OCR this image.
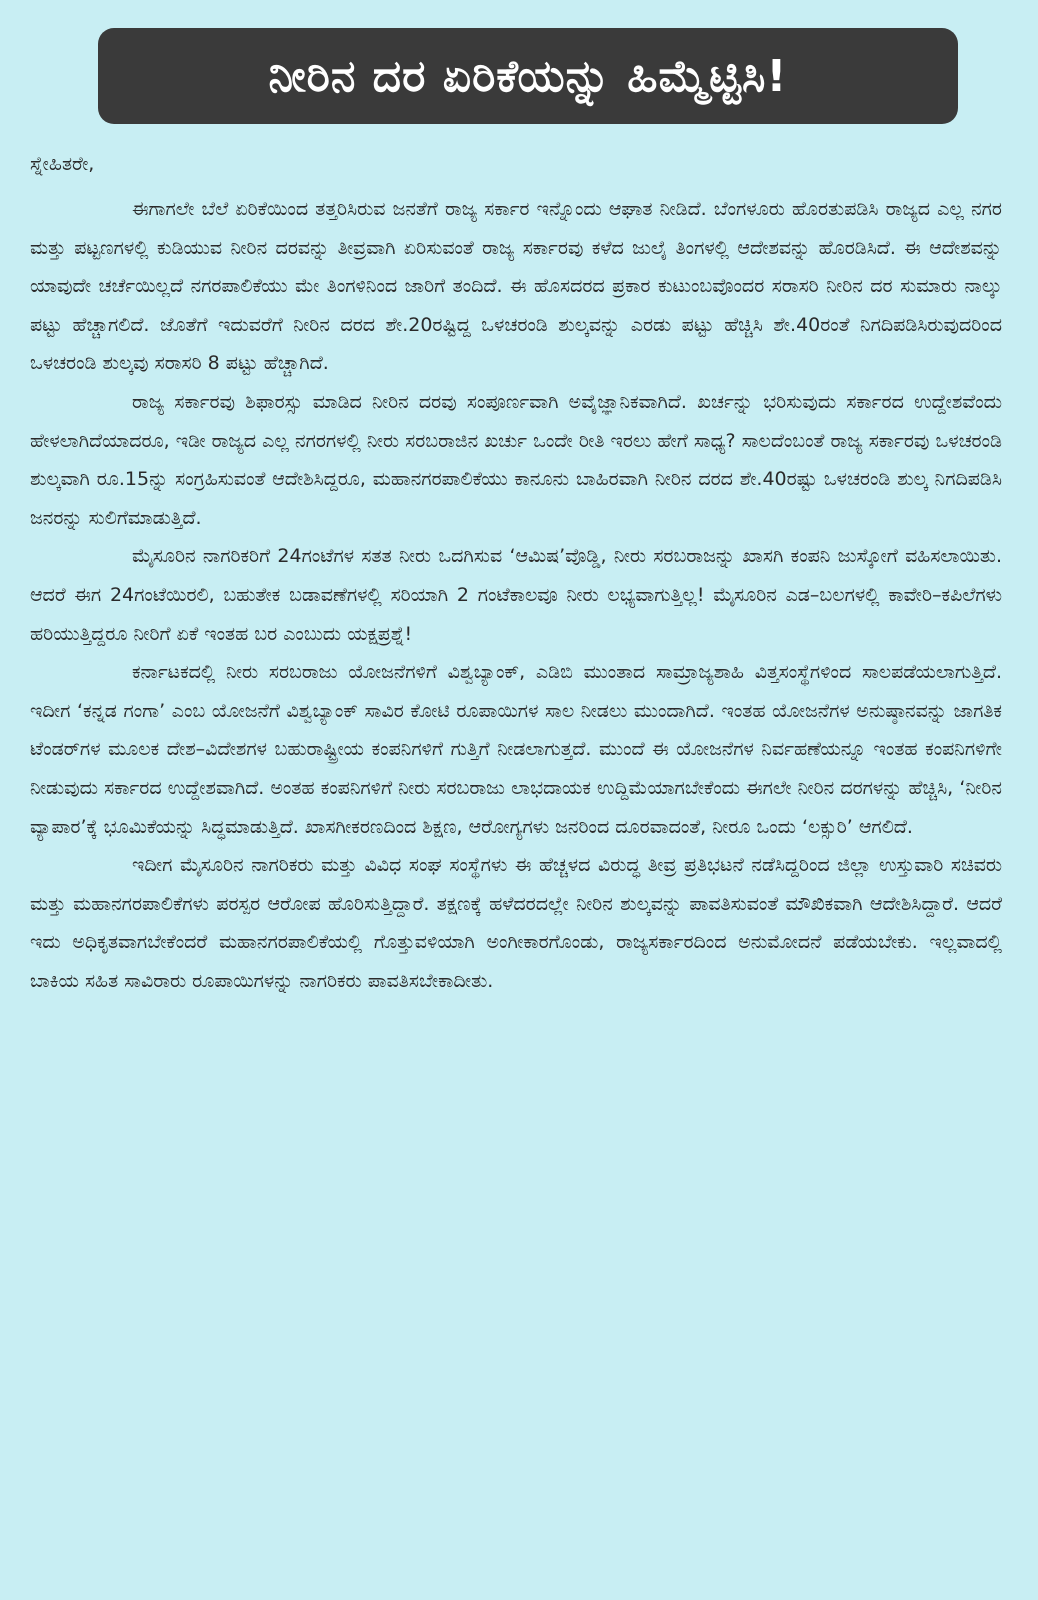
ನೀರಿನ ದರ ಏರಿಕೆಯನ್ನು ಹಿಮ್ಮೆಟ್ಟಿಸಿ!
ಸ್ನೇಹಿತರೇ,

ಈಗಾಗಲೇ ಬೆಲೆ ಏರಿಕೆಯಿಂದ ತತ್ತರಿಸಿರುವ ಜನತೆಗೆ ರಾಜ್ಯ ಸರ್ಕಾರ ಇನ್ನೊಂದು ಆಘಾತ ನೀಡಿದೆ. ಬೆಂಗಳೂರು ಹೊರತುಪಡಿಸಿ ರಾಜ್ಯದ ಎಲ್ಲ ನಗರ ಮತ್ತು ಪಟ್ಟಣಗಳಲ್ಲಿ ಕುಡಿಯುವ ನೀರಿನ ದರವನ್ನು ತೀವ್ರವಾಗಿ ಏರಿಸುವಂತೆ ರಾಜ್ಯ ಸರ್ಕಾರವು ಕಳೆದ ಜುಲೈ ತಿಂಗಳಲ್ಲಿ ಆದೇಶವನ್ನು ಹೊರಡಿಸಿದೆ. ಈ ಆದೇಶವನ್ನು ಯಾವುದೇ ಚರ್ಚೆಯಿಲ್ಲದೆ ನಗರಪಾಲಿಕೆಯು ಮೇ ತಿಂಗಳಿನಿಂದ ಜಾರಿಗೆ ತಂದಿದೆ. ಈ ಹೊಸದರದ ಪ್ರಕಾರ ಕುಟುಂಬವೊಂದರ ಸರಾಸರಿ ನೀರಿನ ದರ ಸುಮಾರು ನಾಲ್ಕು ಪಟ್ಟು ಹೆಚ್ಚಾಗಲಿದೆ. ಜೊತೆಗೆ ಇದುವರೆಗೆ ನೀರಿನ ದರದ ಶೇ.20ರಷ್ಟಿದ್ದ ಒಳಚರಂಡಿ ಶುಲ್ಕವನ್ನು ಎರಡು ಪಟ್ಟು ಹೆಚ್ಚಿಸಿ ಶೇ.40ರಂತೆ ನಿಗದಿಪಡಿಸಿರುವುದರಿಂದ ಒಳಚರಂಡಿ ಶುಲ್ಕವು ಸರಾಸರಿ 8 ಪಟ್ಟು ಹೆಚ್ಚಾಗಿದೆ.

ರಾಜ್ಯ ಸರ್ಕಾರವು ಶಿಫಾರಸ್ಸು ಮಾಡಿದ ನೀರಿನ ದರವು ಸಂಪೂರ್ಣವಾಗಿ ಅವೈಜ್ಞಾನಿಕವಾಗಿದೆ. ಖರ್ಚನ್ನು ಭರಿಸುವುದು ಸರ್ಕಾರದ ಉದ್ದೇಶವೆಂದು ಹೇಳಲಾಗಿದೆಯಾದರೂ, ಇಡೀ ರಾಜ್ಯದ ಎಲ್ಲ ನಗರಗಳಲ್ಲಿ ನೀರು ಸರಬರಾಜಿನ ಖರ್ಚು ಒಂದೇ ರೀತಿ ಇರಲು ಹೇಗೆ ಸಾಧ್ಯ? ಸಾಲದೆಂಬಂತೆ ರಾಜ್ಯ ಸರ್ಕಾರವು ಒಳಚರಂಡಿ ಶುಲ್ಕವಾಗಿ ರೂ.15ನ್ನು ಸಂಗ್ರಹಿಸುವಂತೆ ಆದೇಶಿಸಿದ್ದರೂ, ಮಹಾನಗರಪಾಲಿಕೆಯು ಕಾನೂನು ಬಾಹಿರವಾಗಿ ನೀರಿನ ದರದ ಶೇ.40ರಷ್ಟು ಒಳಚರಂಡಿ ಶುಲ್ಕ ನಿಗದಿಪಡಿಸಿ ಜನರನ್ನು ಸುಲಿಗೆಮಾಡುತ್ತಿದೆ.

ಮೈಸೂರಿನ ನಾಗರಿಕರಿಗೆ 24ಗಂಟೆಗಳ ಸತತ ನೀರು ಒದಗಿಸುವ ‘ಆಮಿಷ’ವೊಡ್ಡಿ, ನೀರು ಸರಬರಾಜನ್ನು ಖಾಸಗಿ ಕಂಪನಿ ಜುಸ್ಕೋಗೆ ವಹಿಸಲಾಯಿತು. ಆದರೆ ಈಗ 24ಗಂಟೆಯಿರಲಿ, ಬಹುತೇಕ ಬಡಾವಣೆಗಳಲ್ಲಿ ಸರಿಯಾಗಿ 2 ಗಂಟೆಕಾಲವೂ ನೀರು ಲಭ್ಯವಾಗುತ್ತಿಲ್ಲ! ಮೈಸೂರಿನ ಎಡ–ಬಲಗಳಲ್ಲಿ ಕಾವೇರಿ–ಕಪಿಲೆಗಳು ಹರಿಯುತ್ತಿದ್ದರೂ ನೀರಿಗೆ ಏಕೆ ಇಂತಹ ಬರ ಎಂಬುದು ಯಕ್ಷಪ್ರಶ್ನೆ!

ಕರ್ನಾಟಕದಲ್ಲಿ ನೀರು ಸರಬರಾಜು ಯೋಜನೆಗಳಿಗೆ ವಿಶ್ವಬ್ಯಾಂಕ್, ಎಡಿಬಿ ಮುಂತಾದ ಸಾಮ್ರಾಜ್ಯಶಾಹಿ ವಿತ್ತಸಂಸ್ಥೆಗಳಿಂದ ಸಾಲಪಡೆಯಲಾಗುತ್ತಿದೆ. ಇದೀಗ ‘ಕನ್ನಡ ಗಂಗಾ’ ಎಂಬ ಯೋಜನೆಗೆ ವಿಶ್ವಬ್ಯಾಂಕ್ ಸಾವಿರ ಕೋಟಿ ರೂಪಾಯಿಗಳ ಸಾಲ ನೀಡಲು ಮುಂದಾಗಿದೆ. ಇಂತಹ ಯೋಜನೆಗಳ ಅನುಷ್ಠಾನವನ್ನು ಜಾಗತಿಕ ಟೆಂಡರ್‌ಗಳ ಮೂಲಕ ದೇಶ–ವಿದೇಶಗಳ ಬಹುರಾಷ್ಟ್ರೀಯ ಕಂಪನಿಗಳಿಗೆ ಗುತ್ತಿಗೆ ನೀಡಲಾಗುತ್ತದೆ. ಮುಂದೆ ಈ ಯೋಜನೆಗಳ ನಿರ್ವಹಣೆಯನ್ನೂ ಇಂತಹ ಕಂಪನಿಗಳಿಗೇ ನೀಡುವುದು ಸರ್ಕಾರದ ಉದ್ದೇಶವಾಗಿದೆ. ಅಂತಹ ಕಂಪನಿಗಳಿಗೆ ನೀರು ಸರಬರಾಜು ಲಾಭದಾಯಕ ಉದ್ದಿಮೆಯಾಗಬೇಕೆಂದು ಈಗಲೇ ನೀರಿನ ದರಗಳನ್ನು ಹೆಚ್ಚಿಸಿ, ‘ನೀರಿನ ವ್ಯಾಪಾರ’ಕ್ಕೆ ಭೂಮಿಕೆಯನ್ನು ಸಿದ್ಧಮಾಡುತ್ತಿದೆ. ಖಾಸಗೀಕರಣದಿಂದ ಶಿಕ್ಷಣ, ಆರೋಗ್ಯಗಳು ಜನರಿಂದ ದೂರವಾದಂತೆ, ನೀರೂ ಒಂದು ‘ಲಕ್ಸುರಿ’ ಆಗಲಿದೆ.

ಇದೀಗ ಮೈಸೂರಿನ ನಾಗರಿಕರು ಮತ್ತು ವಿವಿಧ ಸಂಘ ಸಂಸ್ಥೆಗಳು ಈ ಹೆಚ್ಚಳದ ವಿರುದ್ಧ ತೀವ್ರ ಪ್ರತಿಭಟನೆ ನಡೆಸಿದ್ದರಿಂದ ಜಿಲ್ಲಾ ಉಸ್ತುವಾರಿ ಸಚಿವರು ಮತ್ತು ಮಹಾನಗರಪಾಲಿಕೆಗಳು ಪರಸ್ಪರ ಆರೋಪ ಹೊರಿಸುತ್ತಿದ್ದಾರೆ. ತಕ್ಷಣಕ್ಕೆ ಹಳೆದರದಲ್ಲೇ ನೀರಿನ ಶುಲ್ಕವನ್ನು ಪಾವತಿಸುವಂತೆ ಮೌಖಿಕವಾಗಿ ಆದೇಶಿಸಿದ್ದಾರೆ. ಆದರೆ ಇದು ಅಧಿಕೃತವಾಗಬೇಕೆಂದರೆ ಮಹಾನಗರಪಾಲಿಕೆಯಲ್ಲಿ ಗೊತ್ತುವಳಿಯಾಗಿ ಅಂಗೀಕಾರಗೊಂಡು, ರಾಜ್ಯಸರ್ಕಾರದಿಂದ ಅನುಮೋದನೆ ಪಡೆಯಬೇಕು. ಇಲ್ಲವಾದಲ್ಲಿ ಬಾಕಿಯ ಸಹಿತ ಸಾವಿರಾರು ರೂಪಾಯಿಗಳನ್ನು ನಾಗರಿಕರು ಪಾವತಿಸಬೇಕಾದೀತು.
